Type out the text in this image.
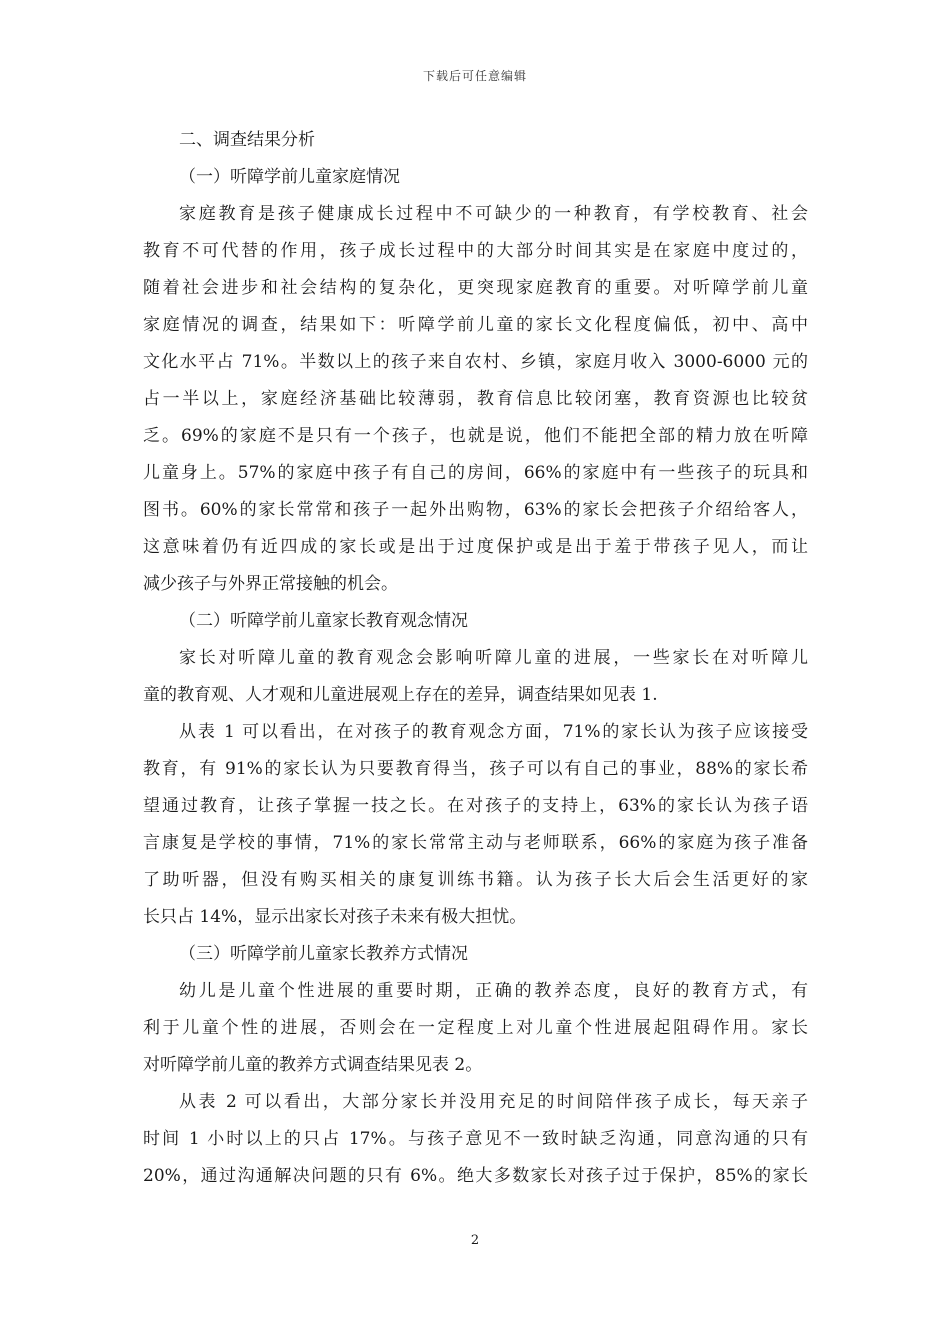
下载后可任意编辑
二、调查结果分析
（一）听障学前儿童家庭情况
家庭教育是孩子健康成长过程中不可缺少的一种教育，有学校教育、社会
教育不可代替的作用，孩子成长过程中的大部分时间其实是在家庭中度过的，
随着社会进步和社会结构的复杂化，更突现家庭教育的重要。对听障学前儿童
家庭情况的调查，结果如下：听障学前儿童的家长文化程度偏低，初中、高中
文化水平占 71%。半数以上的孩子来自农村、乡镇，家庭月收入 3000-6000 元的
占一半以上，家庭经济基础比较薄弱，教育信息比较闭塞，教育资源也比较贫
乏。69%的家庭不是只有一个孩子，也就是说，他们不能把全部的精力放在听障
儿童身上。57%的家庭中孩子有自己的房间，66%的家庭中有一些孩子的玩具和
图书。60%的家长常常和孩子一起外出购物，63%的家长会把孩子介绍给客人，
这意味着仍有近四成的家长或是出于过度保护或是出于羞于带孩子见人，而让
减少孩子与外界正常接触的机会。
（二）听障学前儿童家长教育观念情况
家长对听障儿童的教育观念会影响听障儿童的进展，一些家长在对听障儿
童的教育观、人才观和儿童进展观上存在的差异，调查结果如见表 1.
从表 1 可以看出，在对孩子的教育观念方面，71%的家长认为孩子应该接受
教育，有 91%的家长认为只要教育得当，孩子可以有自己的事业，88%的家长希
望通过教育，让孩子掌握一技之长。在对孩子的支持上，63%的家长认为孩子语
言康复是学校的事情，71%的家长常常主动与老师联系，66%的家庭为孩子准备
了助听器，但没有购买相关的康复训练书籍。认为孩子长大后会生活更好的家
长只占 14%，显示出家长对孩子未来有极大担忧。
（三）听障学前儿童家长教养方式情况
幼儿是儿童个性进展的重要时期，正确的教养态度，良好的教育方式，有
利于儿童个性的进展，否则会在一定程度上对儿童个性进展起阻碍作用。家长
对听障学前儿童的教养方式调查结果见表 2。
从表 2 可以看出，大部分家长并没用充足的时间陪伴孩子成长，每天亲子
时间 1 小时以上的只占 17%。与孩子意见不一致时缺乏沟通，同意沟通的只有
20%，通过沟通解决问题的只有 6%。绝大多数家长对孩子过于保护，85%的家长
2
